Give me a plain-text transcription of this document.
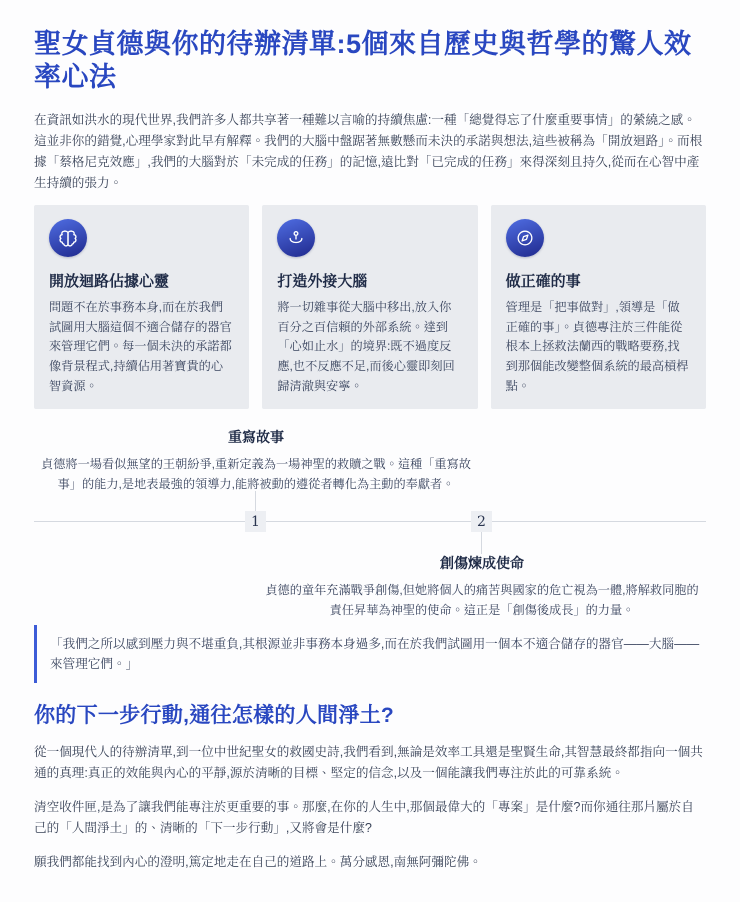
聖女貞德與你的待辦清單:5個來自歷史與哲學的驚人效率心法

在資訊如洪水的現代世界,我們許多人都共享著一種難以言喻的持續焦慮:一種「總覺得忘了什麼重要事情」的縈繞之感。這並非你的錯覺,心理學家對此早有解釋。我們的大腦中盤踞著無數懸而未決的承諾與想法,這些被稱為「開放迴路」。而根據「蔡格尼克效應」,我們的大腦對於「未完成的任務」的記憶,遠比對「已完成的任務」來得深刻且持久,從而在心智中產生持續的張力。

開放迴路佔據心靈

問題不在於事務本身,而在於我們試圖用大腦這個不適合儲存的器官來管理它們。每一個未決的承諾都像背景程式,持續佔用著寶貴的心智資源。

打造外接大腦

將一切雜事從大腦中移出,放入你百分之百信賴的外部系統。達到「心如止水」的境界:既不過度反應,也不反應不足,而後心靈即刻回歸清澈與安寧。

做正確的事

管理是「把事做對」,領導是「做正確的事」。貞德專注於三件能從根本上拯救法蘭西的戰略要務,找到那個能改變整個系統的最高槓桿點。

重寫故事
貞德將一場看似無望的王朝紛爭,重新定義為一場神聖的救贖之戰。這種「重寫故事」的能力,是地表最強的領導力,能將被動的遵從者轉化為主動的奉獻者。
1	2
創傷煉成使命
貞德的童年充滿戰爭創傷,但她將個人的痛苦與國家的危亡視為一體,將解救同胞的責任昇華為神聖的使命。這正是「創傷後成長」的力量。
「我們之所以感到壓力與不堪重負,其根源並非事務本身過多,而在於我們試圖用一個本不適合儲存的器官——大腦——來管理它們。」
你的下一步行動,通往怎樣的人間淨土?

從一個現代人的待辦清單,到一位中世紀聖女的救國史詩,我們看到,無論是效率工具還是聖賢生命,其智慧最終都指向一個共通的真理:真正的效能與內心的平靜,源於清晰的目標、堅定的信念,以及一個能讓我們專注於此的可靠系統。

清空收件匣,是為了讓我們能專注於更重要的事。那麼,在你的人生中,那個最偉大的「專案」是什麼?而你通往那片屬於自己的「人間淨土」的、清晰的「下一步行動」,又將會是什麼?

願我們都能找到內心的澄明,篤定地走在自己的道路上。萬分感恩,南無阿彌陀佛。
